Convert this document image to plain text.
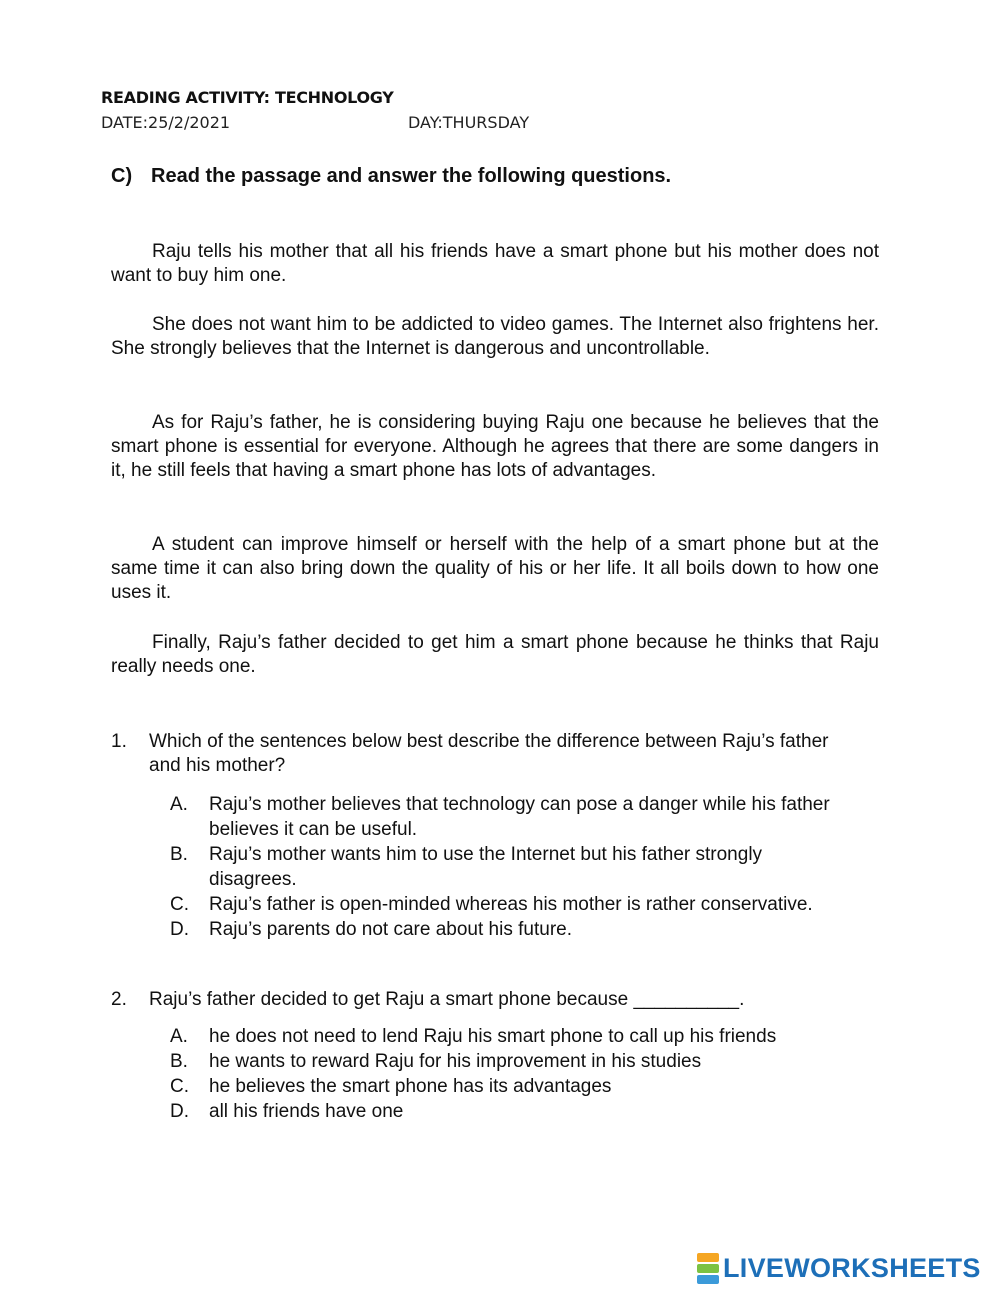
READING ACTIVITY: TECHNOLOGY
DATE:25/2/2021	DAY:THURSDAY
C) Read the passage and answer the following questions.
Raju tells his mother that all his friends have a smart phone but his mother does not want to buy him one.
She does not want him to be addicted to video games. The Internet also frightens her. She strongly believes that the Internet is dangerous and uncontrollable.
As for Raju’s father, he is considering buying Raju one because he believes that the smart phone is essential for everyone. Although he agrees that there are some dangers in it, he still feels that having a smart phone has lots of advantages.
A student can improve himself or herself with the help of a smart phone but at the same time it can also bring down the quality of his or her life. It all boils down to how one uses it.
Finally, Raju’s father decided to get him a smart phone because he thinks that Raju really needs one.
1. Which of the sentences below best describe the difference between Raju’s father and his mother?
A. Raju’s mother believes that technology can pose a danger while his father believes it can be useful.
B. Raju’s mother wants him to use the Internet but his father strongly disagrees.
C. Raju’s father is open-minded whereas his mother is rather conservative.
D. Raju’s parents do not care about his future.
2. Raju’s father decided to get Raju a smart phone because __________.
A. he does not need to lend Raju his smart phone to call up his friends
B. he wants to reward Raju for his improvement in his studies
C. he believes the smart phone has its advantages
D. all his friends have one
LIVEWORKSHEETS
